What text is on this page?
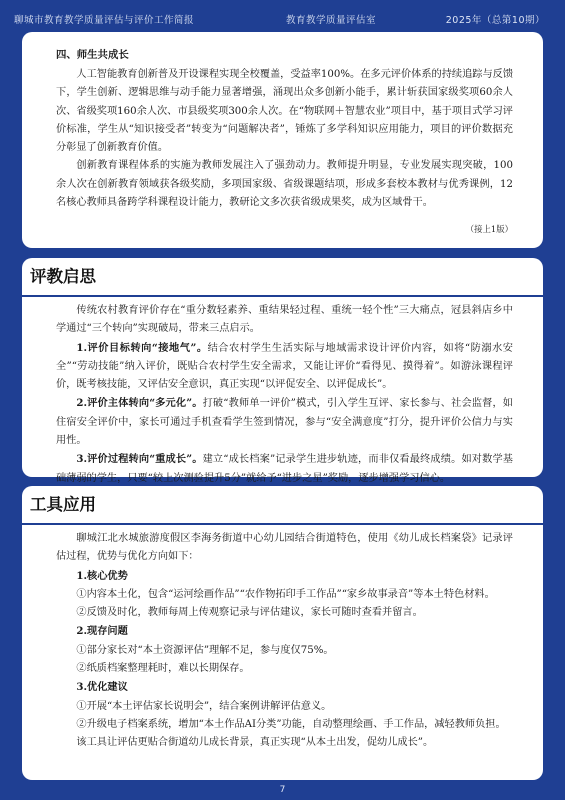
聊城市教育教学质量评估与评价工作简报	教育教学质量评估室	2025年（总第10期）

四、师生共成长

人工智能教育创新普及开设课程实现全校覆盖，受益率100%。在多元评价体系的持续追踪与反馈下，学生创新、逻辑思维与动手能力显著增强，涌现出众多创新小能手，累计斩获国家级奖项60余人次、省级奖项160余人次、市县级奖项300余人次。在“物联网＋智慧农业”项目中，基于项目式学习评价标准，学生从“知识接受者”转变为“问题解决者”，锤炼了多学科知识应用能力，项目的评价数据充分彰显了创新教育价值。

创新教育课程体系的实施为教师发展注入了强劲动力。教师提升明显，专业发展实现突破，100余人次在创新教育领域获各级奖励，多项国家级、省级课题结项，形成多套校本教材与优秀课例，12名核心教师具备跨学科课程设计能力，教研论文多次获省级成果奖，成为区域骨干。

（接上1版）

评教启思

传统农村教育评价存在“重分数轻素养、重结果轻过程、重统一轻个性”三大痛点，冠县斜店乡中学通过“三个转向”实现破局，带来三点启示。

1.评价目标转向“接地气”。结合农村学生生活实际与地域需求设计评价内容，如将“防溺水安全”“劳动技能”纳入评价，既贴合农村学生安全需求，又能让评价“看得见、摸得着”。如游泳课程评价，既考核技能，又评估安全意识，真正实现“以评促安全、以评促成长”。

2.评价主体转向“多元化”。打破“教师单一评价”模式，引入学生互评、家长参与、社会监督，如住宿安全评价中，家长可通过手机查看学生签到情况，参与“安全满意度”打分，提升评价公信力与实用性。

3.评价过程转向“重成长”。建立“成长档案”记录学生进步轨迹，而非仅看最终成绩。如对数学基础薄弱的学生，只要“较上次测验提升5分”就给予“进步之星”奖励，逐步增强学习信心。

工具应用

聊城江北水城旅游度假区李海务街道中心幼儿园结合街道特色，使用《幼儿成长档案袋》记录评估过程，优势与优化方向如下：

1.核心优势

①内容本土化，包含“运河绘画作品”“农作物拓印手工作品”“家乡故事录音”等本土特色材料。

②反馈及时化，教师每周上传观察记录与评估建议，家长可随时查看并留言。

2.现存问题

①部分家长对“本土资源评估”理解不足，参与度仅75%。

②纸质档案整理耗时，难以长期保存。

3.优化建议

①开展“本土评估家长说明会”，结合案例讲解评估意义。

②升级电子档案系统，增加“本土作品AI分类”功能，自动整理绘画、手工作品，减轻教师负担。

该工具让评估更贴合街道幼儿成长背景，真正实现“从本土出发，促幼儿成长”。

7
